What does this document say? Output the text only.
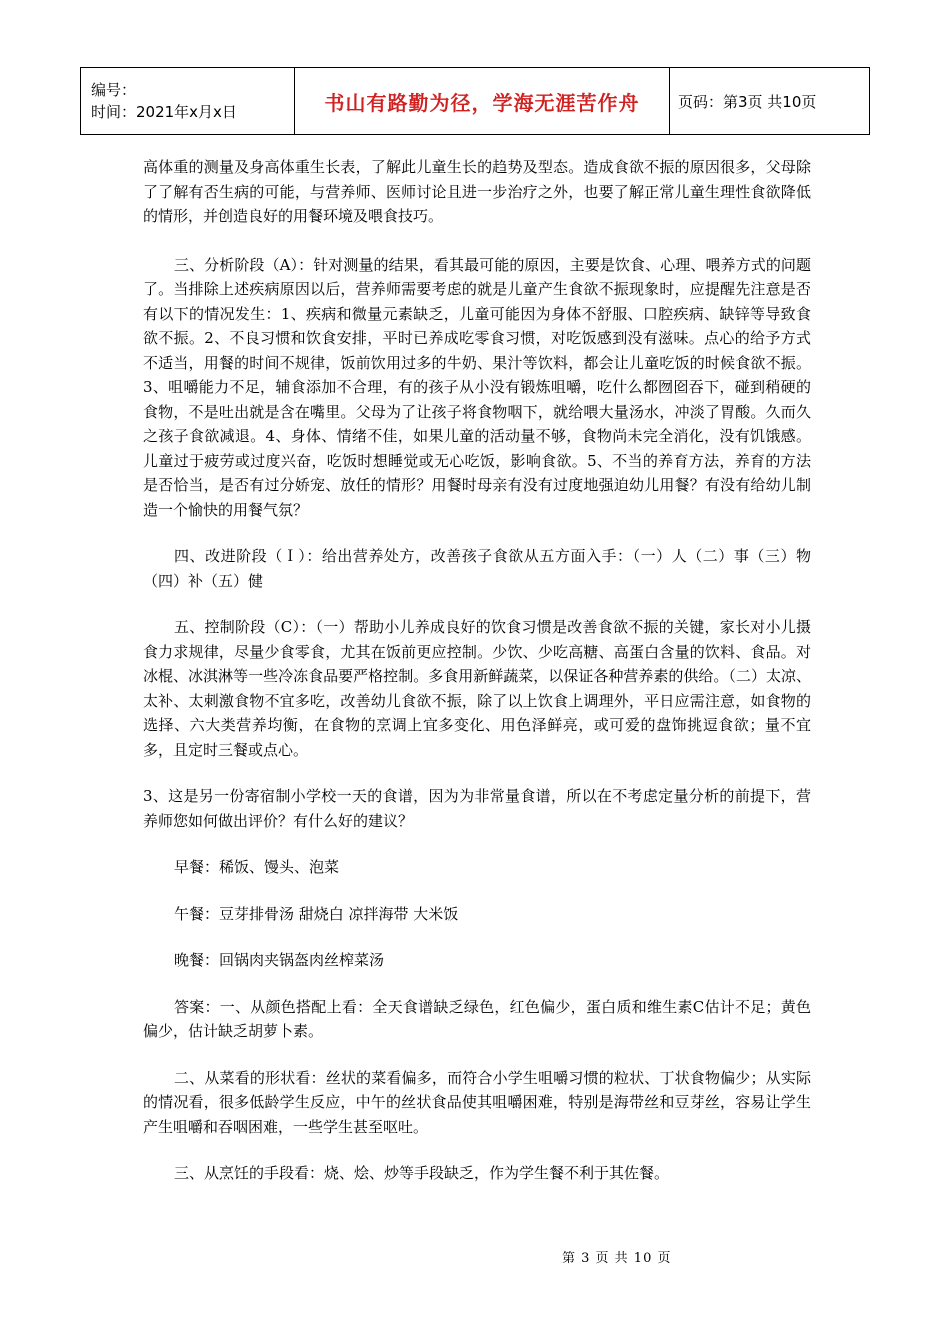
编号：
时间：2021年x月x日	书山有路勤为径，学海无涯苦作舟	页码：第3页 共10页

高体重的测量及身高体重生长表，了解此儿童生长的趋势及型态。造成食欲不振的原因很多，父母除了了解有否生病的可能，与营养师、医师讨论且进一步治疗之外，也要了解正常儿童生理性食欲降低的情形，并创造良好的用餐环境及喂食技巧。

三、分析阶段（A）：针对测量的结果，看其最可能的原因，主要是饮食、心理、喂养方式的问题了。当排除上述疾病原因以后，营养师需要考虑的就是儿童产生食欲不振现象时，应提醒先注意是否有以下的情况发生：1、疾病和微量元素缺乏，儿童可能因为身体不舒服、口腔疾病、缺锌等导致食欲不振。2、不良习惯和饮食安排，平时已养成吃零食习惯，对吃饭感到没有滋味。点心的给予方式不适当，用餐的时间不规律，饭前饮用过多的牛奶、果汁等饮料，都会让儿童吃饭的时候食欲不振。3、咀嚼能力不足，辅食添加不合理，有的孩子从小没有锻炼咀嚼，吃什么都囫囵吞下，碰到稍硬的食物，不是吐出就是含在嘴里。父母为了让孩子将食物咽下，就给喂大量汤水，冲淡了胃酸。久而久之孩子食欲减退。4、身体、情绪不佳，如果儿童的活动量不够，食物尚未完全消化，没有饥饿感。儿童过于疲劳或过度兴奋，吃饭时想睡觉或无心吃饭，影响食欲。5、不当的养育方法，养育的方法是否恰当，是否有过分娇宠、放任的情形？用餐时母亲有没有过度地强迫幼儿用餐？有没有给幼儿制造一个愉快的用餐气氛？

四、改进阶段（Ｉ）：给出营养处方，改善孩子食欲从五方面入手：（一）人（二）事（三）物（四）补（五）健

五、控制阶段（C）：（一）帮助小儿养成良好的饮食习惯是改善食欲不振的关键，家长对小儿摄食力求规律，尽量少食零食，尤其在饭前更应控制。少饮、少吃高糖、高蛋白含量的饮料、食品。对冰棍、冰淇淋等一些冷冻食品要严格控制。多食用新鲜蔬菜，以保证各种营养素的供给。（二）太凉、太补、太刺激食物不宜多吃，改善幼儿食欲不振，除了以上饮食上调理外，平日应需注意，如食物的选择、六大类营养均衡，在食物的烹调上宜多变化、用色泽鲜亮，或可爱的盘饰挑逗食欲；量不宜多，且定时三餐或点心。

3、这是另一份寄宿制小学校一天的食谱，因为为非常量食谱，所以在不考虑定量分析的前提下，营养师您如何做出评价？有什么好的建议？

早餐：稀饭、馒头、泡菜

午餐：豆芽排骨汤 甜烧白 凉拌海带 大米饭

晚餐：回锅肉夹锅盔肉丝榨菜汤

答案：一、从颜色搭配上看：全天食谱缺乏绿色，红色偏少，蛋白质和维生素C估计不足；黄色偏少，估计缺乏胡萝卜素。

二、从菜看的形状看：丝状的菜看偏多，而符合小学生咀嚼习惯的粒状、丁状食物偏少；从实际的情况看，很多低龄学生反应，中午的丝状食品使其咀嚼困难，特别是海带丝和豆芽丝，容易让学生产生咀嚼和吞咽困难，一些学生甚至呕吐。

三、从烹饪的手段看：烧、烩、炒等手段缺乏，作为学生餐不利于其佐餐。

第 3 页 共 10 页
